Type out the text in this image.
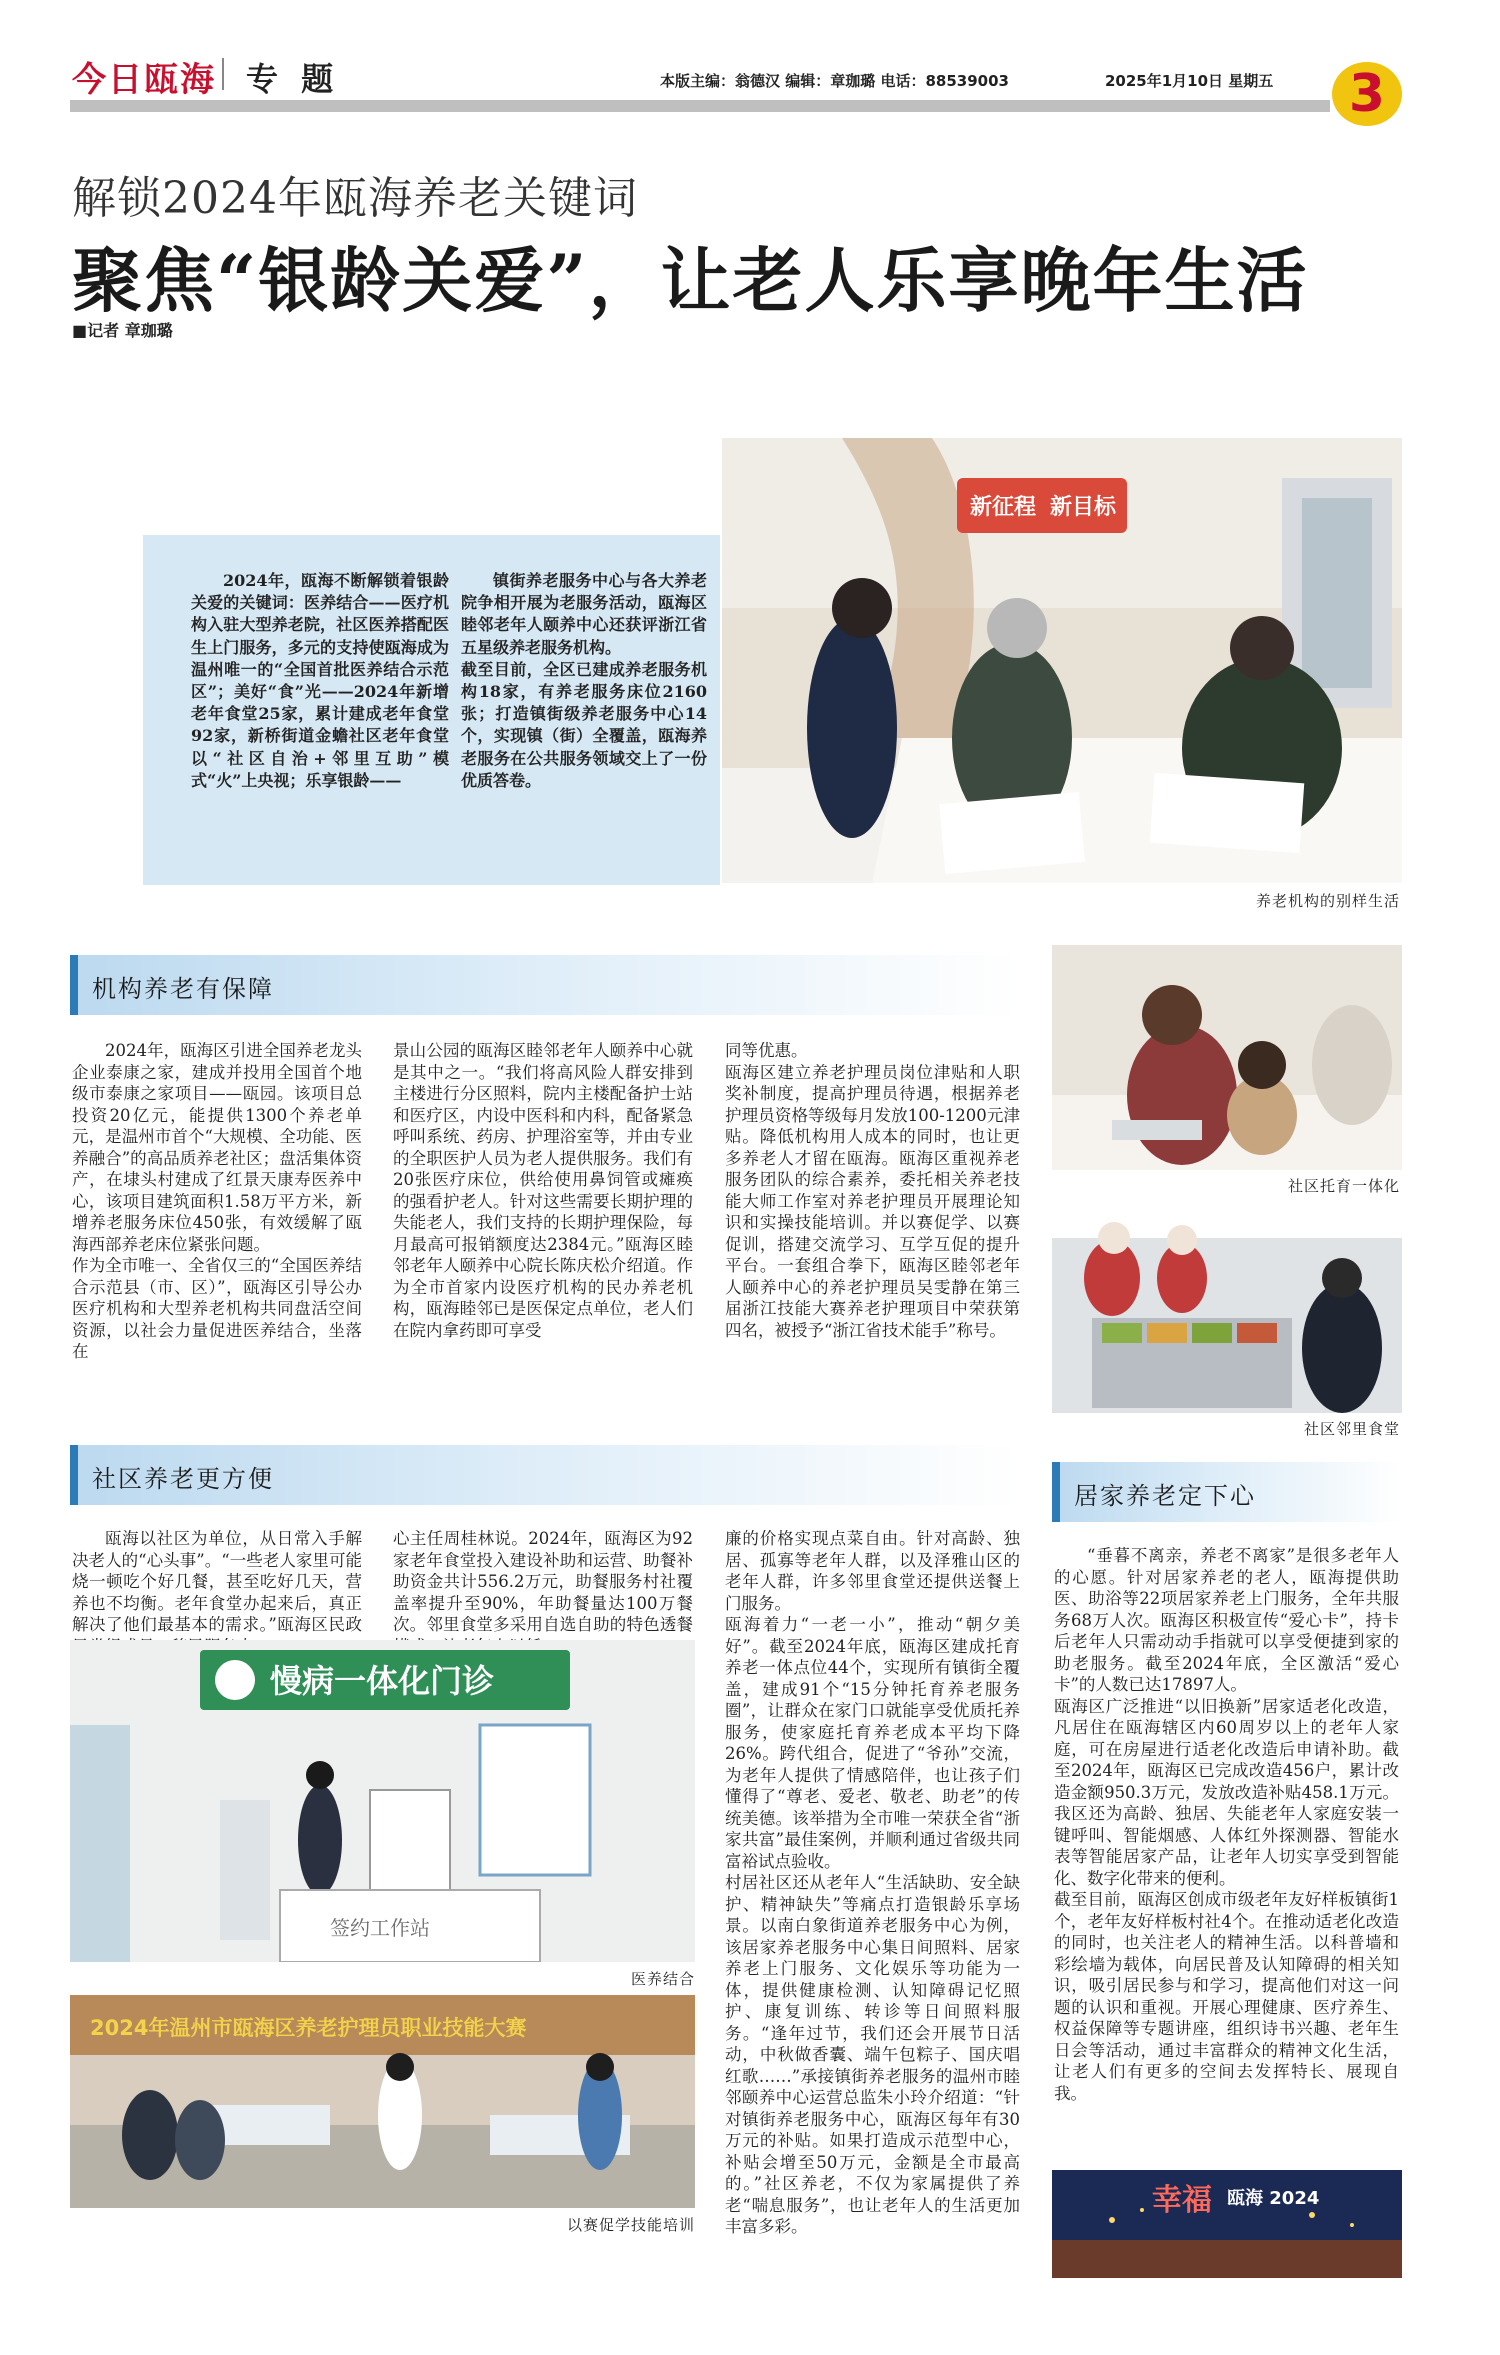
今日瓯海 专 题	本版主编：翁德汉 编辑：章珈璐 电话：88539003	2025年1月10日 星期五	3
解锁2024年瓯海养老关键词
聚焦“银龄关爱”，让老人乐享晚年生活
■记者 章珈璐
新征程 新目标

2024年，瓯海不断解锁着银龄关爱的关键词：医养结合——医疗机构入驻大型养老院，社区医养搭配医生上门服务，多元的支持使瓯海成为温州唯一的“全国首批医养结合示范区”；美好“食”光——2024年新增老年食堂25家，累计建成老年食堂92家，新桥街道金蟾社区老年食堂以“社区自治+邻里互助”模式“火”上央视；乐享银龄——

镇街养老服务中心与各大养老院争相开展为老服务活动，瓯海区睦邻老年人颐养中心还获评浙江省五星级养老服务机构。
截至目前，全区已建成养老服务机构18家，有养老服务床位2160张；打造镇街级养老服务中心14个，实现镇（街）全覆盖，瓯海养老服务在公共服务领域交上了一份优质答卷。

养老机构的别样生活
机构养老有保障

2024年，瓯海区引进全国养老龙头企业泰康之家，建成并投用全国首个地级市泰康之家项目——瓯园。该项目总投资20亿元，能提供1300个养老单元，是温州市首个“大规模、全功能、医养融合”的高品质养老社区；盘活集体资产，在埭头村建成了红景天康寿医养中心，该项目建筑面积1.58万平方米，新增养老服务床位450张，有效缓解了瓯海西部养老床位紧张问题。
作为全市唯一、全省仅三的“全国医养结合示范县（市、区）”，瓯海区引导公办医疗机构和大型养老机构共同盘活空间资源，以社会力量促进医养结合，坐落在

景山公园的瓯海区睦邻老年人颐养中心就是其中之一。“我们将高风险人群安排到主楼进行分区照料，院内主楼配备护士站和医疗区，内设中医科和内科，配备紧急呼叫系统、药房、护理浴室等，并由专业的全职医护人员为老人提供服务。我们有20张医疗床位，供给使用鼻饲管或瘫痪的强看护老人。针对这些需要长期护理的失能老人，我们支持的长期护理保险，每月最高可报销额度达2384元。”瓯海区睦邻老年人颐养中心院长陈庆松介绍道。作为全市首家内设医疗机构的民办养老机构，瓯海睦邻已是医保定点单位，老人们在院内拿药即可享受

同等优惠。
瓯海区建立养老护理员岗位津贴和人职奖补制度，提高护理员待遇，根据养老护理员资格等级每月发放100-1200元津贴。降低机构用人成本的同时，也让更多养老人才留在瓯海。瓯海区重视养老服务团队的综合素养，委托相关养老技能大师工作室对养老护理员开展理论知识和实操技能培训。并以赛促学、以赛促训，搭建交流学习、互学互促的提升平台。一套组合拳下，瓯海区睦邻老年人颐养中心的养老护理员吴雯静在第三届浙江技能大赛养老护理项目中荣获第四名，被授予“浙江省技术能手”称号。

社区托育一体化
社区邻里食堂
社区养老更方便

瓯海以社区为单位，从日常入手解决老人的“心头事”。“一些老人家里可能烧一顿吃个好几餐，甚至吃好几天，营养也不均衡。老年食堂办起来后，真正解决了他们最基本的需求。”瓯海区民政

心主任周桂林说。2024年，瓯海区为92家老年食堂投入建设补助和运营、助餐补助资金共计556.2万元，助餐服务村社覆盖率提升至90%，年助餐量达100万餐次。邻里食堂多采用自选自助的特色透餐

廉的价格实现点菜自由。针对高龄、独居、孤寡等老年人群，以及泽雅山区的老年人群，许多邻里食堂还提供送餐上门服务。
瓯海着力“一老一小”，推动“朝夕美好”。截至2024年底，瓯海区建成托育养老一体点位44个，实现所有镇街全覆盖，建成91个“15分钟托育养老服务圈”，让群众在家门口就能享受优质托养服务，使家庭托育养老成本平均下降26%。跨代组合，促进了“爷孙”交流，为老年人提供了情感陪伴，也让孩子们懂得了“尊老、爱老、敬老、助老”的传统美德。该举措为全市唯一荣获全省“浙家共富”最佳案例，并顺利通过省级共同富裕试点验收。
村居社区还从老年人“生活缺助、安全缺护、精神缺失”等痛点打造银龄乐享场景。以南白象街道养老服务中心为例，该居家养老服务中心集日间照料、居家养老上门服务、文化娱乐等功能为一体，提供健康检测、认知障碍记忆照护、康复训练、转诊等日间照料服务。“逢年过节，我们还会开展节日活动，中秋做香囊、端午包粽子、国庆唱红歌……”承接镇街养老服务的温州市睦邻颐养中心运营总监朱小玲介绍道：“针对镇街养老服务中心，瓯海区每年有30万元的补贴。如果打造成示范型中心，补贴会增至50万元，金额是全市最高的。”社区养老，不仅为家属提供了养老“喘息服务”，也让老年人的生活更加丰富多彩。

慢病一体化门诊
签约工作站
医养结合
2024年温州市瓯海区养老护理员职业技能大赛
以赛促学技能培训
居家养老定下心

“垂暮不离亲，养老不离家”是很多老年人的心愿。针对居家养老的老人，瓯海提供助医、助浴等22项居家养老上门服务，全年共服务68万人次。瓯海区积极宣传“爱心卡”，持卡后老年人只需动动手指就可以享受便捷到家的助老服务。截至2024年底，全区激活“爱心卡”的人数已达17897人。
瓯海区广泛推进“以旧换新”居家适老化改造，凡居住在瓯海辖区内60周岁以上的老年人家庭，可在房屋进行适老化改造后申请补助。截至2024年，瓯海区已完成改造456户，累计改造金额950.3万元，发放改造补贴458.1万元。我区还为高龄、独居、失能老年人家庭安装一键呼叫、智能烟感、人体红外探测器、智能水表等智能居家产品，让老年人切实享受到智能化、数字化带来的便利。
截至目前，瓯海区创成市级老年友好样板镇街1个，老年友好样板村社4个。在推动适老化改造的同时，也关注老人的精神生活。以科普墙和彩绘墙为载体，向居民普及认知障碍的相关知识，吸引居民参与和学习，提高他们对这一问题的认识和重视。开展心理健康、医疗养生、权益保障等专题讲座，组织诗书兴趣、老年生日会等活动，通过丰富群众的精神文化生活，让老人们有更多的空间去发挥特长、展现自我。

幸福 瓯海 2024
